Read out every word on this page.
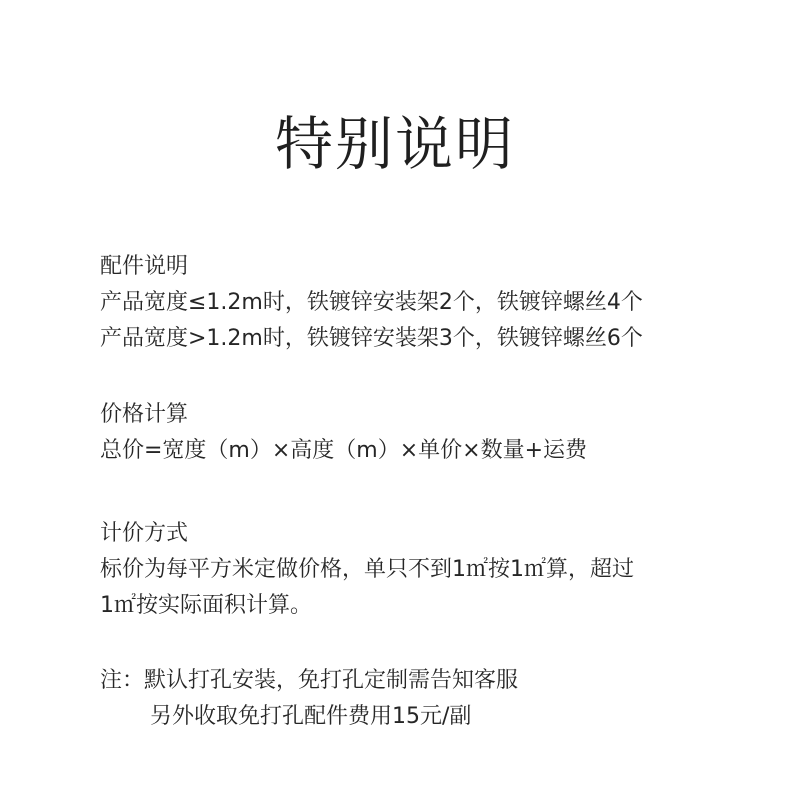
特别说明
配件说明
产品宽度≤1.2m时，铁镀锌安装架2个，铁镀锌螺丝4个
产品宽度>1.2m时，铁镀锌安装架3个，铁镀锌螺丝6个
价格计算
总价=宽度（m）×高度（m）×单价×数量+运费
计价方式
标价为每平方米定做价格，单只不到1㎡按1㎡算，超过
1㎡按实际面积计算。
注：默认打孔安装，免打孔定制需告知客服
另外收取免打孔配件费用15元/副
